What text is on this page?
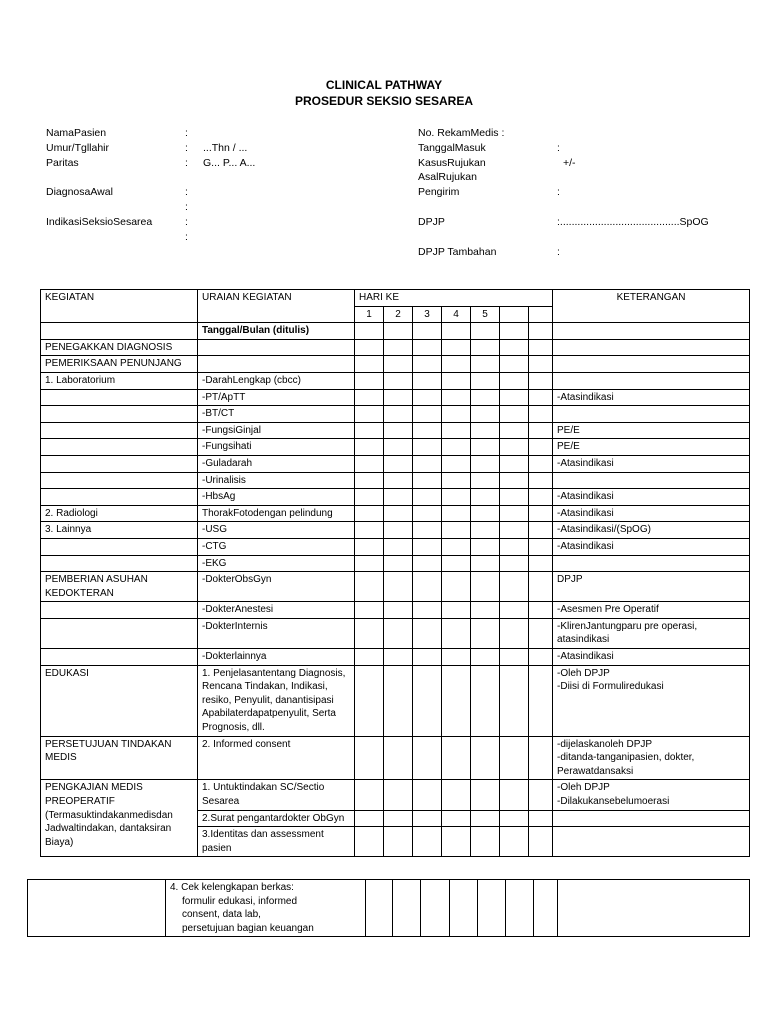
CLINICAL PATHWAY
PROSEDUR SEKSIO SESAREA
NamaPasien	:
Umur/Tgllahir	: ...Thn / ...
Paritas	: G... P... A...
DiagnosaAwal	:
:
IndikasiSeksioSesarea	:
:
No. RekamMedis :
TanggalMasuk	:
KasusRujukan	+/-
AsalRujukan
Pengirim	:
DPJP	:.........................................SpOG
DPJP Tambahan	:
KEGIATAN	URAIAN KEGIATAN	HARI KE							KETERANGAN
		1	2	3	4	5			
	Tanggal/Bulan (ditulis)								
PENEGAKKAN DIAGNOSIS									
PEMERIKSAAN PENUNJANG									
1. Laboratorium	-DarahLengkap (cbcc)								
	-PT/ApTT								-Atasindikasi
	-BT/CT								
	-FungsiGinjal								PE/E
	-Fungsihati								PE/E
	-Guladarah								-Atasindikasi
	-Urinalisis								
	-HbsAg								-Atasindikasi
2. Radiologi	ThorakFotodengan pelindung								-Atasindikasi
3. Lainnya	-USG								-Atasindikasi/(SpOG)
	-CTG								-Atasindikasi
	-EKG								
PEMBERIAN ASUHAN KEDOKTERAN	-DokterObsGyn								DPJP
	-DokterAnestesi								-Asesmen Pre Operatif
	-DokterInternis								-KlirenJantungparu pre operasi, atasindikasi
	-Dokterlainnya								-Atasindikasi
EDUKASI	1. Penjelasantentang Diagnosis, Rencana Tindakan, Indikasi, resiko, Penyulit, danantisipasi Apabilaterdapatpenyulit, Serta Prognosis, dll.								-Oleh DPJP
-Diisi di Formuliredukasi
PERSETUJUAN TINDAKAN MEDIS	2. Informed consent								-dijelaskanoleh DPJP
-ditanda-tanganipasien, dokter, Perawatdansaksi
PENGKAJIAN MEDIS PREOPERATIF
(Termasuktindakanmedisdan Jadwaltindakan, dantaksiran Biaya)	1. Untuktindakan SC/Sectio Sesarea								-Oleh DPJP
-Dilakukansebelumoerasi
	2.Surat pengantardokter ObGyn								
	3.Identitas dan assessment pasien								

4. Cek kelengkapan berkas:
formulir edukasi, informed
consent, data lab,
persetujuan bagian keuangan
